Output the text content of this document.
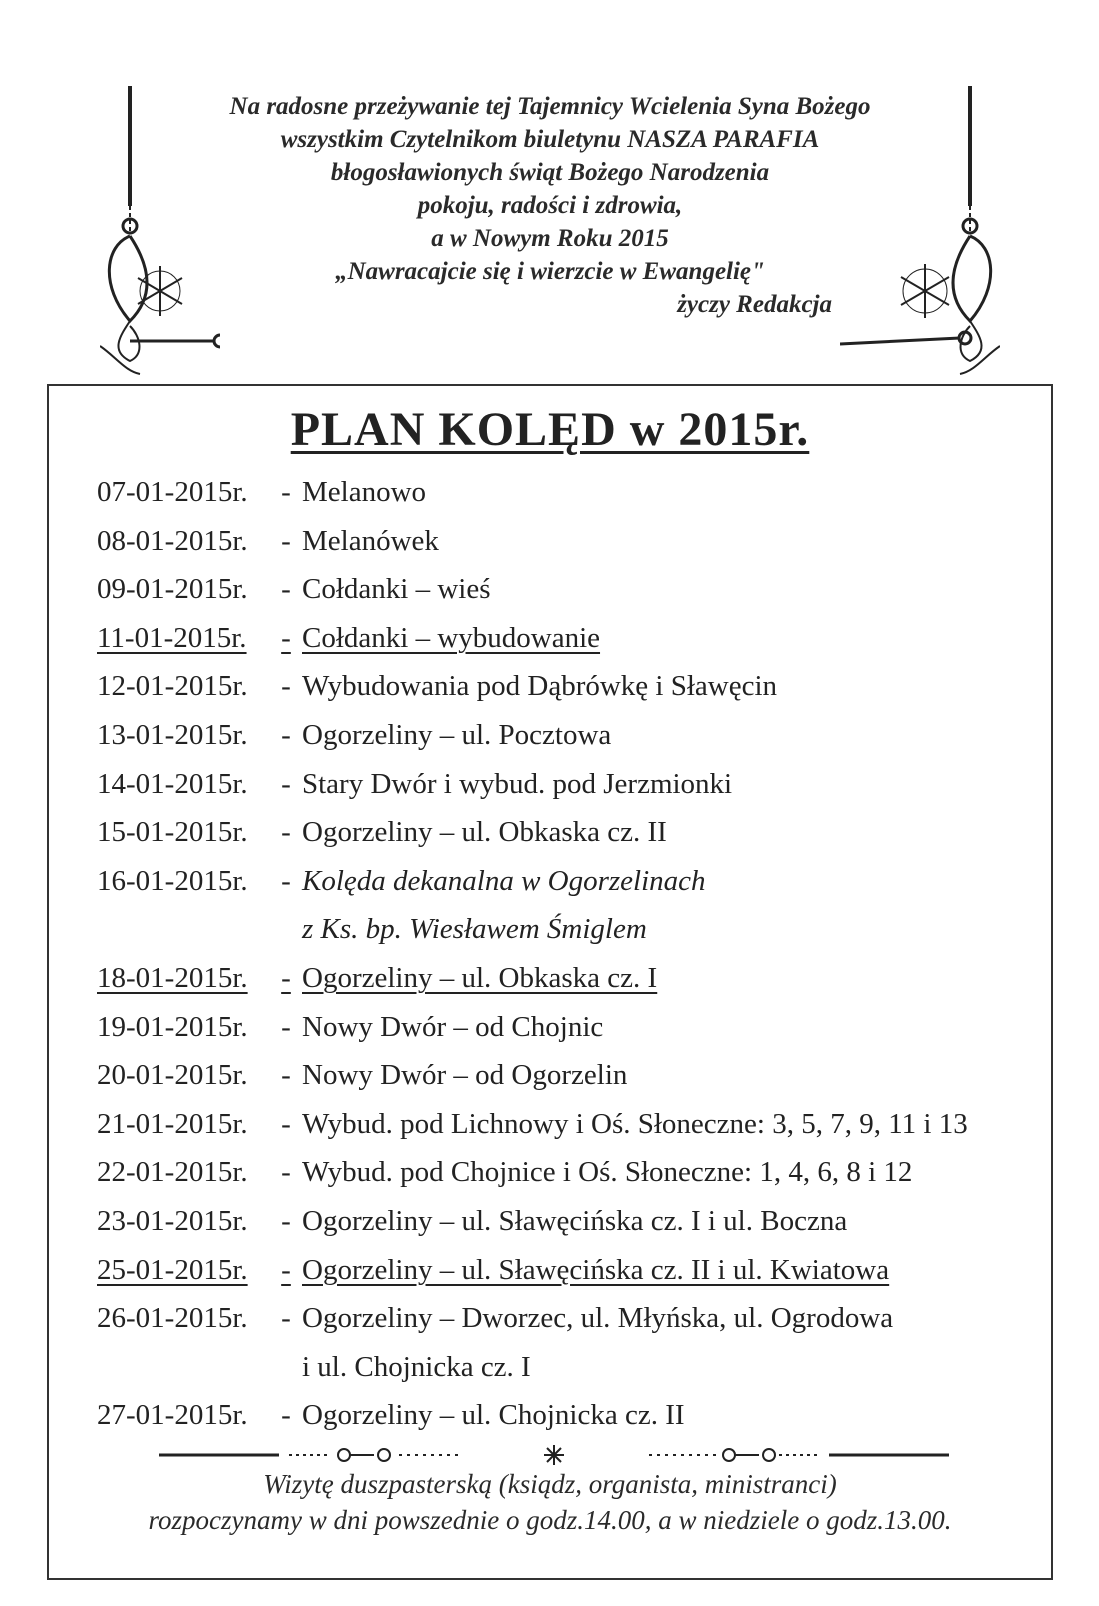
Na radosne przeżywanie tej Tajemnicy Wcielenia Syna Bożego
wszystkim Czytelnikom biuletynu NASZA PARAFIA
błogosławionych świąt Bożego Narodzenia
pokoju, radości i zdrowia,
a w Nowym Roku 2015
„Nawracajcie się i wierzcie w Ewangelię"
życzy Redakcja
PLAN KOLĘD w 2015r.
07-01-2015r.	- Melanowo
08-01-2015r.	- Melanówek
09-01-2015r.	- Cołdanki – wieś
11-01-2015r.	- Cołdanki – wybudowanie
12-01-2015r.	- Wybudowania pod Dąbrówkę i Sławęcin
13-01-2015r.	- Ogorzeliny – ul. Pocztowa
14-01-2015r.	- Stary Dwór i wybud. pod Jerzmionki
15-01-2015r.	- Ogorzeliny – ul. Obkaska cz. II
16-01-2015r.	- Kolęda dekanalna w Ogorzelinach
z Ks. bp. Wiesławem Śmiglem
18-01-2015r.	- Ogorzeliny – ul. Obkaska cz. I
19-01-2015r.	- Nowy Dwór – od Chojnic
20-01-2015r.	- Nowy Dwór – od Ogorzelin
21-01-2015r.	- Wybud. pod Lichnowy i Oś. Słoneczne: 3, 5, 7, 9, 11 i 13
22-01-2015r.	- Wybud. pod Chojnice i Oś. Słoneczne: 1, 4, 6, 8 i 12
23-01-2015r.	- Ogorzeliny – ul. Sławęcińska cz. I i ul. Boczna
25-01-2015r.	- Ogorzeliny – ul. Sławęcińska cz. II i ul. Kwiatowa
26-01-2015r.	- Ogorzeliny – Dworzec, ul. Młyńska, ul. Ogrodowa
i ul. Chojnicka cz. I
27-01-2015r.	- Ogorzeliny – ul. Chojnicka cz. II
Wizytę duszpasterską (ksiądz, organista, ministranci)
rozpoczynamy w dni powszednie o godz.14.00, a w niedziele o godz.13.00.
